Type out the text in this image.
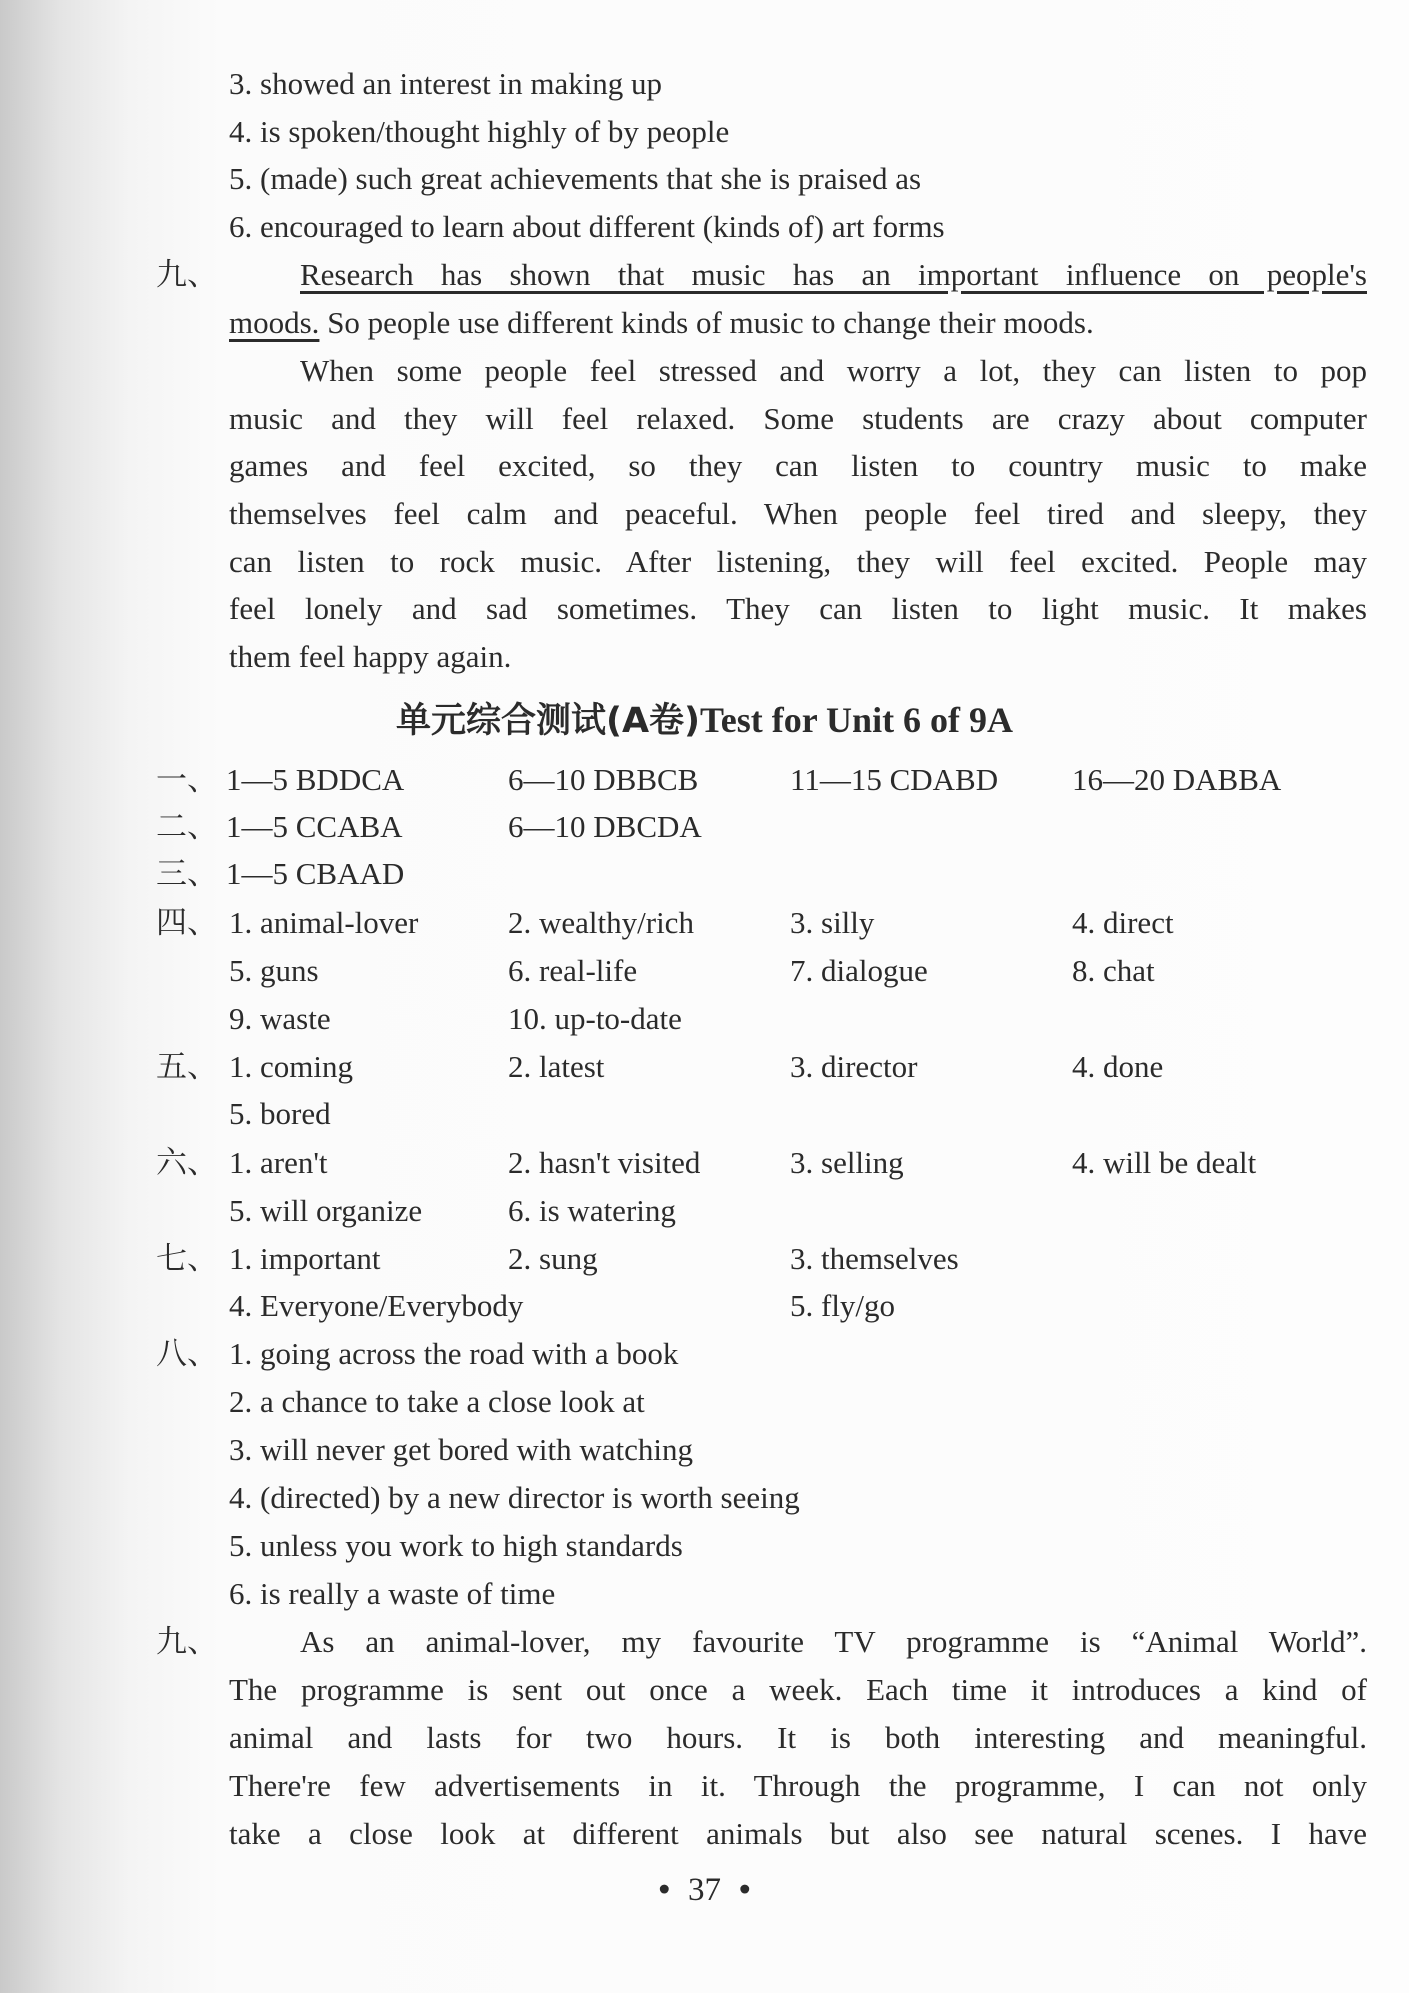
3. showed an interest in making up
4. is spoken/thought highly of by people
5. (made) such great achievements that she is praised as
6. encouraged to learn about different (kinds of) art forms
九、	Research has shown that music has an important influence on people's
moods. So people use different kinds of music to change their moods.
When some people feel stressed and worry a lot, they can listen to pop
music and they will feel relaxed. Some students are crazy about computer
games and feel excited, so they can listen to country music to make
themselves feel calm and peaceful. When people feel tired and sleepy, they
can listen to rock music. After listening, they will feel excited. People may
feel lonely and sad sometimes. They can listen to light music. It makes
them feel happy again.
单元综合测试(A卷)Test for Unit 6 of 9A
一、 1—5 BDDCA	6—10 DBBCB	11—15 CDABD 16—20 DABBA
二、 1—5 CCABA	6—10 DBCDA
三、 1—5 CBAAD
四、 1. animal-lover	2. wealthy/rich	3. silly	4. direct
5. guns	6. real-life	7. dialogue	8. chat
9. waste	10. up-to-date
五、 1. coming	2. latest	3. director	4. done
5. bored
六、 1. aren't	2. hasn't visited	3. selling	4. will be dealt
5. will organize	6. is watering
七、 1. important	2. sung	3. themselves
4. Everyone/Everybody	5. fly/go
八、 1. going across the road with a book
2. a chance to take a close look at
3. will never get bored with watching
4. (directed) by a new director is worth seeing
5. unless you work to high standards
6. is really a waste of time
九、	As an animal-lover, my favourite TV programme is “Animal World”.
The programme is sent out once a week. Each time it introduces a kind of
animal and lasts for two hours. It is both interesting and meaningful.
There're few advertisements in it. Through the programme, I can not only
take a close look at different animals but also see natural scenes. I have
• 37 •
